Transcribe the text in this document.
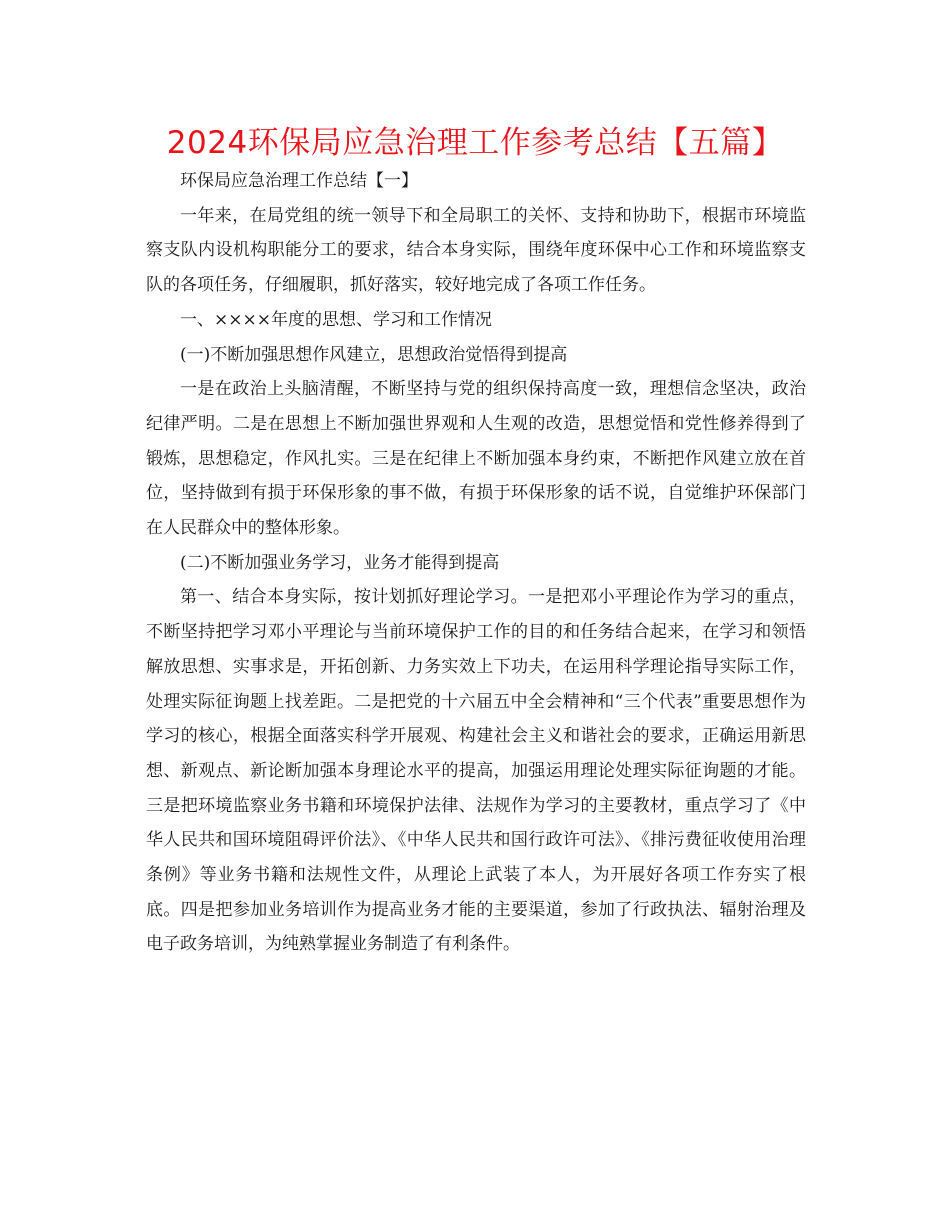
2024环保局应急治理工作参考总结【五篇】

环保局应急治理工作总结【一】

一年来，在局党组的统一领导下和全局职工的关怀、支持和协助下，根据市环境监察支队内设机构职能分工的要求，结合本身实际，围绕年度环保中心工作和环境监察支队的各项任务，仔细履职，抓好落实，较好地完成了各项工作任务。

一、××××年度的思想、学习和工作情况

(一)不断加强思想作风建立，思想政治觉悟得到提高

一是在政治上头脑清醒，不断坚持与党的组织保持高度一致，理想信念坚决，政治纪律严明。二是在思想上不断加强世界观和人生观的改造，思想觉悟和党性修养得到了锻炼，思想稳定，作风扎实。三是在纪律上不断加强本身约束，不断把作风建立放在首位，坚持做到有损于环保形象的事不做，有损于环保形象的话不说，自觉维护环保部门在人民群众中的整体形象。

(二)不断加强业务学习，业务才能得到提高

第一、结合本身实际，按计划抓好理论学习。一是把邓小平理论作为学习的重点，不断坚持把学习邓小平理论与当前环境保护工作的目的和任务结合起来，在学习和领悟解放思想、实事求是，开拓创新、力务实效上下功夫，在运用科学理论指导实际工作，处理实际征询题上找差距。二是把党的十六届五中全会精神和“三个代表”重要思想作为学习的核心，根据全面落实科学开展观、构建社会主义和谐社会的要求，正确运用新思想、新观点、新论断加强本身理论水平的提高，加强运用理论处理实际征询题的才能。三是把环境监察业务书籍和环境保护法律、法规作为学习的主要教材，重点学习了《中华人民共和国环境阻碍评价法》、《中华人民共和国行政许可法》、《排污费征收使用治理条例》等业务书籍和法规性文件，从理论上武装了本人，为开展好各项工作夯实了根底。四是把参加业务培训作为提高业务才能的主要渠道，参加了行政执法、辐射治理及电子政务培训，为纯熟掌握业务制造了有利条件。
